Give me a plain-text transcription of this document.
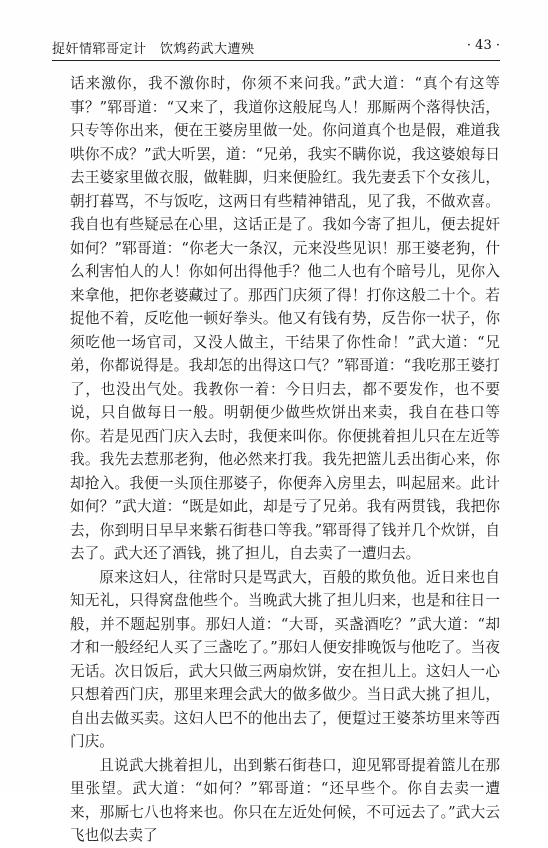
捉奸情郓哥定计　饮鸩药武大遭殃	· 43 ·

话来激你，我不激你时，你须不来问我。”武大道：“真个有这等事？”郓哥道：“又来了，我道你这般屁鸟人！那厮两个落得快活，只专等你出来，便在王婆房里做一处。你问道真个也是假，难道我哄你不成？”武大听罢，道：“兄弟，我实不瞒你说，我这婆娘每日去王婆家里做衣服，做鞋脚，归来便脸红。我先妻丢下个女孩儿，朝打暮骂，不与饭吃，这两日有些精神错乱，见了我，不做欢喜。我自也有些疑忌在心里，这话正是了。我如今寄了担儿，便去捉奸如何？”郓哥道：“你老大一条汉，元来没些见识！那王婆老狗，什么利害怕人的人！你如何出得他手？他二人也有个暗号儿，见你入来拿他，把你老婆藏过了。那西门庆须了得！打你这般二十个。若捉他不着，反吃他一顿好拳头。他又有钱有势，反告你一状子，你须吃他一场官司，又没人做主，干结果了你性命！”武大道：“兄弟，你都说得是。我却怎的出得这口气？”郓哥道：“我吃那王婆打了，也没出气处。我教你一着：今日归去，都不要发作，也不要说，只自做每日一般。明朝便少做些炊饼出来卖，我自在巷口等你。若是见西门庆入去时，我便来叫你。你便挑着担儿只在左近等我。我先去惹那老狗，他必然来打我。我先把篮儿丢出街心来，你却抢入。我便一头顶住那婆子，你便奔入房里去，叫起屈来。此计如何？”武大道：“既是如此，却是亏了兄弟。我有两贯钱，我把你去，你到明日早早来紫石街巷口等我。”郓哥得了钱并几个炊饼，自去了。武大还了酒钱，挑了担儿，自去卖了一遭归去。

原来这妇人，往常时只是骂武大，百般的欺负他。近日来也自知无礼，只得窝盘他些个。当晚武大挑了担儿归来，也是和往日一般，并不题起别事。那妇人道：“大哥，买盏酒吃？”武大道：“却才和一般经纪人买了三盏吃了。”那妇人便安排晚饭与他吃了。当夜无话。次日饭后，武大只做三两扇炊饼，安在担儿上。这妇人一心只想着西门庆，那里来理会武大的做多做少。当日武大挑了担儿，自出去做买卖。这妇人巴不的他出去了，便踅过王婆茶坊里来等西门庆。

且说武大挑着担儿，出到紫石街巷口，迎见郓哥提着篮儿在那里张望。武大道：“如何？”郓哥道：“还早些个。你自去卖一遭来，那厮七八也将来也。你只在左近处何候，不可远去了。”武大云飞也似去卖了
